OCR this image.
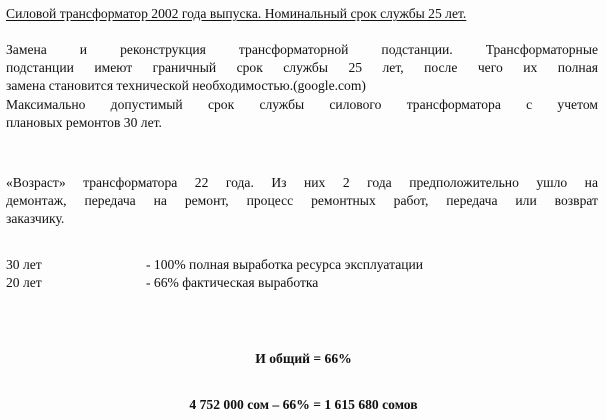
Силовой трансформатор 2002 года выпуска. Номинальный срок службы 25 лет.
Замена и реконструкция трансформаторной подстанции. Трансформаторные
подстанции имеют граничный срок службы 25 лет, после чего их полная
замена становится технической необходимостью.(google.com)
Максимально допустимый срок службы силового трансформатора с учетом
плановых ремонтов 30 лет.
«Возраст» трансформатора 22 года. Из них 2 года предположительно ушло на
демонтаж, передача на ремонт, процесс ремонтных работ, передача или возврат
заказчику.
30 лет	- 100% полная выработка ресурса эксплуатации
20 лет	- 66% фактическая выработка
И общий = 66%
4 752 000 сом – 66% = 1 615 680 сомов
